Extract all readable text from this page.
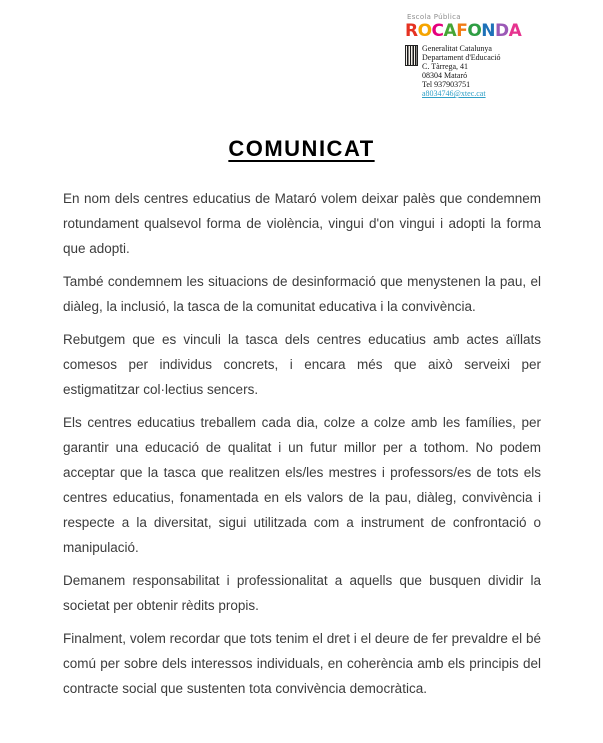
Escola Pública
ROCAFONDA
Generalitat Catalunya
Departament d'Educació
C. Tàrrega, 41
08304 Mataró
Tel 937903751
a8034746@xtec.cat
COMUNICAT

En nom dels centres educatius de Mataró volem deixar palès que condemnem rotundament qualsevol forma de violència, vingui d'on vingui i adopti la forma que adopti.

També condemnem les situacions de desinformació que menystenen la pau, el diàleg, la inclusió, la tasca de la comunitat educativa i la convivència.

Rebutgem que es vinculi la tasca dels centres educatius amb actes aïllats comesos per individus concrets, i encara més que això serveixi per estigmatitzar col·lectius sencers.

Els centres educatius treballem cada dia, colze a colze amb les famílies, per garantir una educació de qualitat i un futur millor per a tothom. No podem acceptar que la tasca que realitzen els/les mestres i professors/es de tots els centres educatius, fonamentada en els valors de la pau, diàleg, convivència i respecte a la diversitat, sigui utilitzada com a instrument de confrontació o manipulació.

Demanem responsabilitat i professionalitat a aquells que busquen dividir la societat per obtenir rèdits propis.

Finalment, volem recordar que tots tenim el dret i el deure de fer prevaldre el bé comú per sobre dels interessos individuals, en coherència amb els principis del contracte social que sustenten tota convivència democràtica.
